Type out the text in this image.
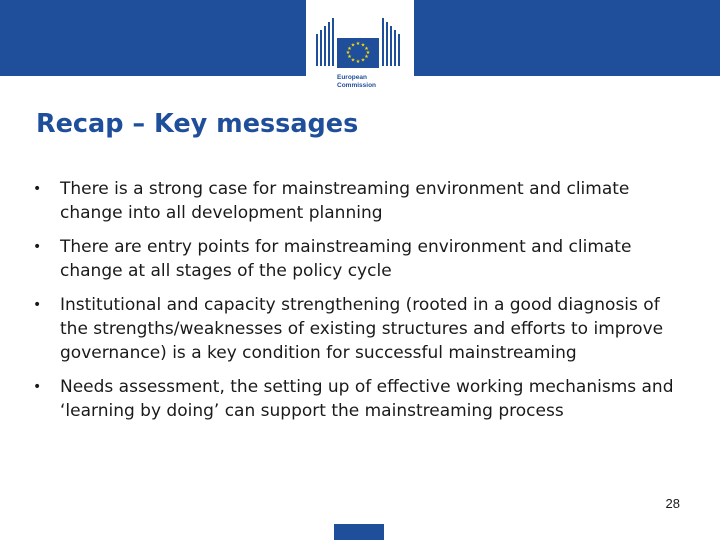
★ ★
★
★
★
★
★
★
★
★
★
★
European
Commission
Recap – Key messages
• There is a strong case for mainstreaming environment and climate change into all development planning
• There are entry points for mainstreaming environment and climate change at all stages of the policy cycle
• Institutional and capacity strengthening (rooted in a good diagnosis of the strengths/weaknesses of existing structures and efforts to improve governance) is a key condition for successful mainstreaming
• Needs assessment, the setting up of effective working mechanisms and ‘learning by doing’ can support the mainstreaming process
28
